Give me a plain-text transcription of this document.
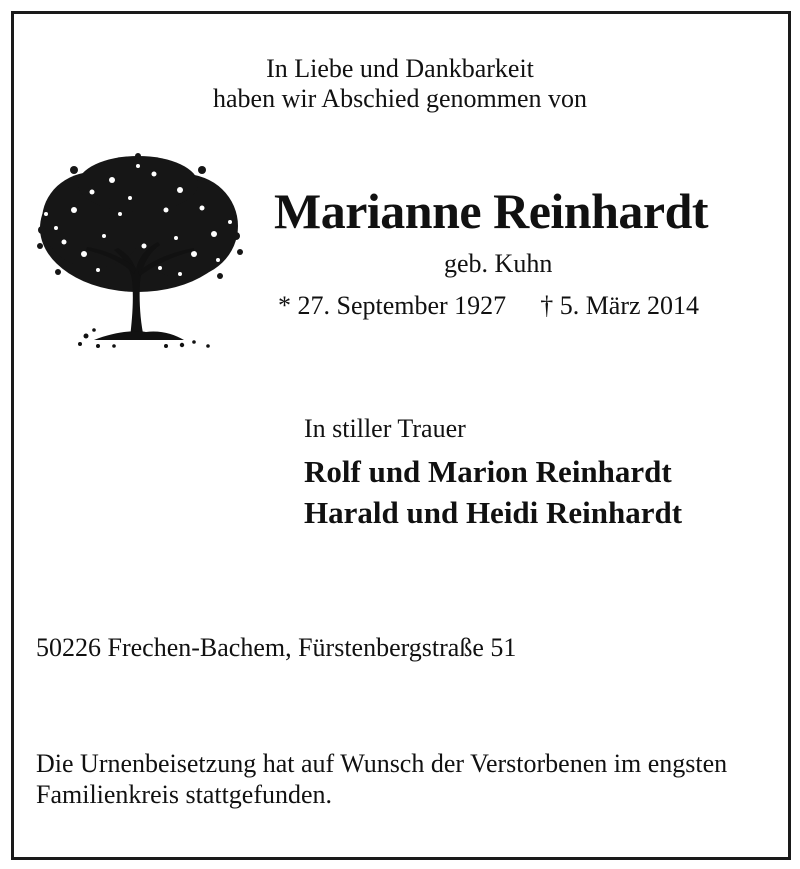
In Liebe und Dankbarkeit
haben wir Abschied genommen von
Marianne Reinhardt
geb. Kuhn
* 27. September 1927 † 5. März 2014
In stiller Trauer
Rolf und Marion Reinhardt
Harald und Heidi Reinhardt
50226 Frechen-Bachem, Fürstenbergstraße 51
Die Urnenbeisetzung hat auf Wunsch der Verstorbenen im engsten Familienkreis stattgefunden.
